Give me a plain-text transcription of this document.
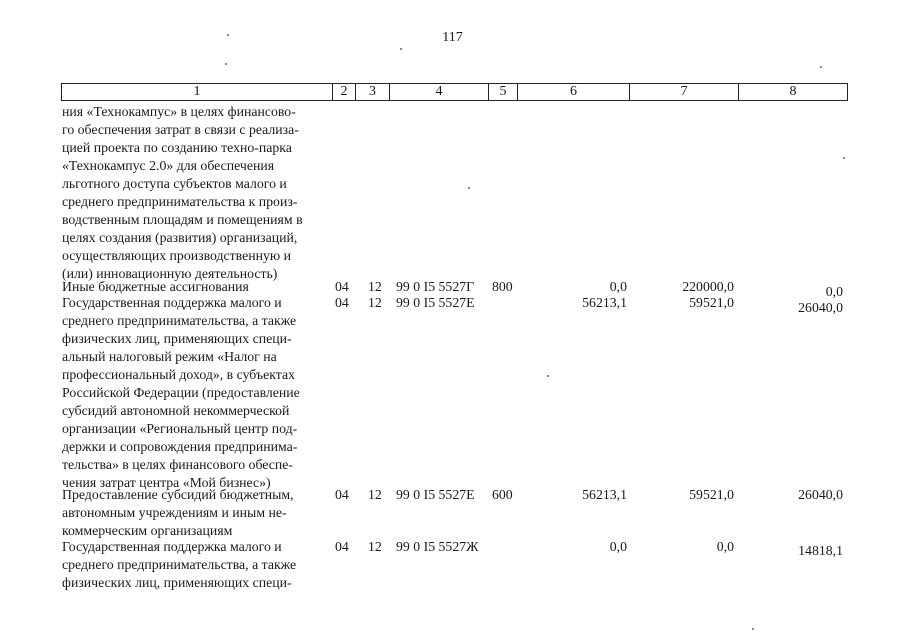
117
1	2	3	4	5	6	7	8
ния «Технокампус» в целях финансово-
го обеспечения затрат в связи с реализа-
цией проекта по созданию техно-парка
«Технокампус 2.0» для обеспечения
льготного доступа субъектов малого и
среднего предпринимательства к произ-
водственным площадям и помещениям в
целях создания (развития) организаций,
осуществляющих производственную и
(или) инновационную деятельность)
Иные бюджетные ассигнования	04 12 99 0 I5 5527Г 800	0,0	220000,0	0,0
Государственная поддержка малого и
среднего предпринимательства, а также
физических лиц, применяющих специ-
альный налоговый режим «Налог на
профессиональный доход», в субъектах
Российской Федерации (предоставление
субсидий автономной некоммерческой
организации «Региональный центр под-
держки и сопровождения предпринима-
тельства» в целях финансового обеспе-
чения затрат центра «Мой бизнес»)
04 12 99 0 I5 5527Е	56213,1	59521,0	26040,0
Предоставление субсидий бюджетным,
автономным учреждениям и иным не-
коммерческим организациям
04 12 99 0 I5 5527Е 600	56213,1	59521,0	26040,0
Государственная поддержка малого и
среднего предпринимательства, а также
физических лиц, применяющих специ-
04 12 99 0 I5 5527Ж	0,0	0,0	14818,1
